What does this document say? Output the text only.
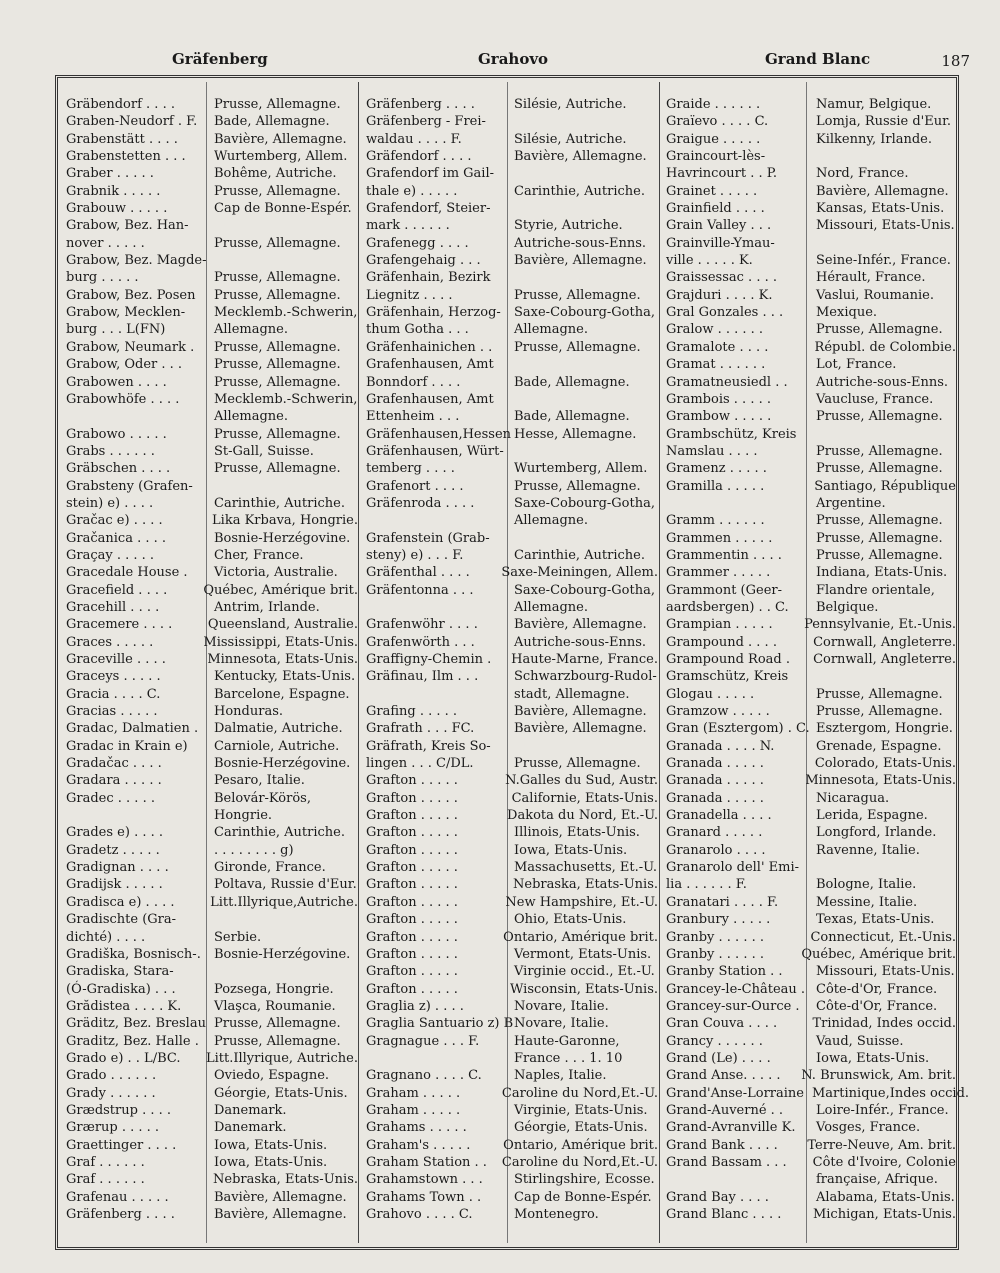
Gräfenberg	Grahovo	Grand Blanc	187
Gräbendorf . . . .	Prusse, Allemagne.
Graben-Neudorf . F.	Bade, Allemagne.
Grabenstätt . . . .	Bavière, Allemagne.
Grabenstetten . . .	Wurtemberg, Allem.
Graber . . . . .	Bohême, Autriche.
Grabnik . . . . .	Prusse, Allemagne.
Grabouw . . . . .	Cap de Bonne-Espér.
Grabow, Bez. Han-
nover . . . . .	Prusse, Allemagne.
Grabow, Bez. Magde-
burg . . . . .	Prusse, Allemagne.
Grabow, Bez. Posen	Prusse, Allemagne.
Grabow, Mecklen-	Mecklemb.-Schwerin,
burg . . . L(FN)	Allemagne.
Grabow, Neumark .	Prusse, Allemagne.
Grabow, Oder . . .	Prusse, Allemagne.
Grabowen . . . .	Prusse, Allemagne.
Grabowhöfe . . . .	Mecklemb.-Schwerin,
Allemagne.
Grabowo . . . . .	Prusse, Allemagne.
Grabs . . . . . .	St-Gall, Suisse.
Gräbschen . . . .	Prusse, Allemagne.
Grabsteny (Grafen-
stein) e) . . . .	Carinthie, Autriche.
Gračac e) . . . .	Lika Krbava, Hongrie.
Gračanica . . . .	Bosnie-Herzégovine.
Graçay . . . . .	Cher, France.
Gracedale House .	Victoria, Australie.
Gracefield . . . .	Québec, Amérique brit.
Gracehill . . . .	Antrim, Irlande.
Gracemere . . . .	Queensland, Australie.
Graces . . . . .	Mississippi, Etats-Unis.
Graceville . . . .	Minnesota, Etats-Unis.
Graceys . . . . .	Kentucky, Etats-Unis.
Gracia . . . . C.	Barcelone, Espagne.
Gracias . . . . .	Honduras.
Gradac, Dalmatien .	Dalmatie, Autriche.
Gradac in Krain e)	Carniole, Autriche.
Gradačac . . . .	Bosnie-Herzégovine.
Gradara . . . . .	Pesaro, Italie.
Gradec . . . . .	Belovár-Körös,
Hongrie.
Grades e) . . . .	Carinthie, Autriche.
Gradetz . . . . .	. . . . . . . . g)
Gradignan . . . .	Gironde, France.
Gradijsk . . . . .	Poltava, Russie d'Eur.
Gradisca e) . . . .	Litt.Illyrique,Autriche.
Gradischte (Gra-
dichté) . . . .	Serbie.
Gradiška, Bosnisch-.	Bosnie-Herzégovine.
Gradiska, Stara-
(Ó-Gradiska) . . .	Pozsega, Hongrie.
Grădistea . . . . K.	Vlaşca, Roumanie.
Gräditz, Bez. Breslau Prusse, Allemagne.
Graditz, Bez. Halle .	Prusse, Allemagne.
Grado e) . . L/BC.	Litt.Illyrique, Autriche.
Grado . . . . . .	Oviedo, Espagne.
Grady . . . . . .	Géorgie, Etats-Unis.
Grædstrup . . . .	Danemark.
Grærup . . . . .	Danemark.
Graettinger . . . .	Iowa, Etats-Unis.
Graf . . . . . .	Iowa, Etats-Unis.
Graf . . . . . .	Nebraska, Etats-Unis.
Grafenau . . . . .	Bavière, Allemagne.
Gräfenberg . . . .	Bavière, Allemagne.
Gräfenberg . . . .	Silésie, Autriche.
Gräfenberg - Frei-
waldau . . . . F.	Silésie, Autriche.
Gräfendorf . . . .	Bavière, Allemagne.
Grafendorf im Gail-
thale e) . . . . .	Carinthie, Autriche.
Grafendorf, Steier-
mark . . . . . .	Styrie, Autriche.
Grafenegg . . . .	Autriche-sous-Enns.
Grafengehaig . . .	Bavière, Allemagne.
Gräfenhain, Bezirk
Liegnitz . . . .	Prusse, Allemagne.
Gräfenhain, Herzog-	Saxe-Cobourg-Gotha,
thum Gotha . . .	Allemagne.
Gräfenhainichen . .	Prusse, Allemagne.
Grafenhausen, Amt
Bonndorf . . . .	Bade, Allemagne.
Grafenhausen, Amt
Ettenheim . . .	Bade, Allemagne.
Gräfenhausen,Hessen Hesse, Allemagne.
Gräfenhausen, Würt-
temberg . . . .	Wurtemberg, Allem.
Grafenort . . . .	Prusse, Allemagne.
Gräfenroda . . . .	Saxe-Cobourg-Gotha,
Allemagne.
Grafenstein (Grab-
steny) e) . . . F.	Carinthie, Autriche.
Gräfenthal . . . .	Saxe-Meiningen, Allem.
Gräfentonna . . .	Saxe-Cobourg-Gotha,
Allemagne.
Grafenwöhr . . . .	Bavière, Allemagne.
Grafenwörth . . .	Autriche-sous-Enns.
Graffigny-Chemin .	Haute-Marne, France.
Gräfinau, Ilm . . .	Schwarzbourg-Rudol-
stadt, Allemagne.
Grafing . . . . .	Bavière, Allemagne.
Grafrath . . . FC.	Bavière, Allemagne.
Gräfrath, Kreis So-
lingen . . . C/DL.	Prusse, Allemagne.
Grafton . . . . .	N.Galles du Sud, Austr.
Grafton . . . . .	Californie, Etats-Unis.
Grafton . . . . .	Dakota du Nord, Et.-U.
Grafton . . . . .	Illinois, Etats-Unis.
Grafton . . . . .	Iowa, Etats-Unis.
Grafton . . . . .	Massachusetts, Et.-U.
Grafton . . . . .	Nebraska, Etats-Unis.
Grafton . . . . .	New Hampshire, Et.-U.
Grafton . . . . .	Ohio, Etats-Unis.
Grafton . . . . .	Ontario, Amérique brit.
Grafton . . . . .	Vermont, Etats-Unis.
Grafton . . . . .	Virginie occid., Et.-U.
Grafton . . . . .	Wisconsin, Etats-Unis.
Graglia z) . . . .	Novare, Italie.
Graglia Santuario z) B Novare, Italie.
Gragnague . . . F.	Haute-Garonne,
France . . . 1. 10
Gragnano . . . . C.	Naples, Italie.
Graham . . . . .	Caroline du Nord,Et.-U.
Graham . . . . .	Virginie, Etats-Unis.
Grahams . . . . .	Géorgie, Etats-Unis.
Graham's . . . . .	Ontario, Amérique brit.
Graham Station . .	Caroline du Nord,Et.-U.
Grahamstown . . .	Stirlingshire, Ecosse.
Grahams Town . .	Cap de Bonne-Espér.
Grahovo . . . . C.	Montenegro.
Graide . . . . . .	Namur, Belgique.
Graïevo . . . . C.	Lomja, Russie d'Eur.
Graigue . . . . .	Kilkenny, Irlande.
Graincourt-lès-
Havrincourt . . P.	Nord, France.
Grainet . . . . .	Bavière, Allemagne.
Grainfield . . . .	Kansas, Etats-Unis.
Grain Valley . . .	Missouri, Etats-Unis.
Grainville-Ymau-
ville . . . . . K.	Seine-Infér., France.
Graissessac . . . .	Hérault, France.
Grajduri . . . . K.	Vaslui, Roumanie.
Gral Gonzales . . .	Mexique.
Gralow . . . . . .	Prusse, Allemagne.
Gramalote . . . .	Républ. de Colombie.
Gramat . . . . . .	Lot, France.
Gramatneusiedl . .	Autriche-sous-Enns.
Grambois . . . . .	Vaucluse, France.
Grambow . . . . .	Prusse, Allemagne.
Grambschütz, Kreis
Namslau . . . .	Prusse, Allemagne.
Gramenz . . . . .	Prusse, Allemagne.
Gramilla . . . . .	Santiago, République
Argentine.
Gramm . . . . . .	Prusse, Allemagne.
Grammen . . . . .	Prusse, Allemagne.
Grammentin . . . .	Prusse, Allemagne.
Grammer . . . . .	Indiana, Etats-Unis.
Grammont (Geer-	Flandre orientale,
aardsbergen) . . C.	Belgique.
Grampian . . . . .	Pennsylvanie, Et.-Unis.
Grampound . . . .	Cornwall, Angleterre.
Grampound Road .	Cornwall, Angleterre.
Gramschütz, Kreis
Glogau . . . . .	Prusse, Allemagne.
Gramzow . . . . .	Prusse, Allemagne.
Gran (Esztergom) . C. Esztergom, Hongrie.
Granada . . . . N.	Grenade, Espagne.
Granada . . . . .	Colorado, Etats-Unis.
Granada . . . . .	Minnesota, Etats-Unis.
Granada . . . . .	Nicaragua.
Granadella . . . .	Lerida, Espagne.
Granard . . . . .	Longford, Irlande.
Granarolo . . . .	Ravenne, Italie.
Granarolo dell' Emi-
lia . . . . . . F.	Bologne, Italie.
Granatari . . . . F.	Messine, Italie.
Granbury . . . . .	Texas, Etats-Unis.
Granby . . . . . .	Connecticut, Et.-Unis.
Granby . . . . . .	Québec, Amérique brit.
Granby Station . .	Missouri, Etats-Unis.
Grancey-le-Château . Côte-d'Or, France.
Grancey-sur-Ource .	Côte-d'Or, France.
Gran Couva . . . .	Trinidad, Indes occid.
Grancy . . . . . .	Vaud, Suisse.
Grand (Le) . . . .	Iowa, Etats-Unis.
Grand Anse. . . . .	N. Brunswick, Am. brit.
Grand'Anse-Lorraine Martinique,Indes occid.
Grand-Auverné . .	Loire-Infér., France.
Grand-Avranville K.	Vosges, France.
Grand Bank . . . .	Terre-Neuve, Am. brit.
Grand Bassam . . .	Côte d'Ivoire, Colonie
française, Afrique.
Grand Bay . . . .	Alabama, Etats-Unis.
Grand Blanc . . . .	Michigan, Etats-Unis.
